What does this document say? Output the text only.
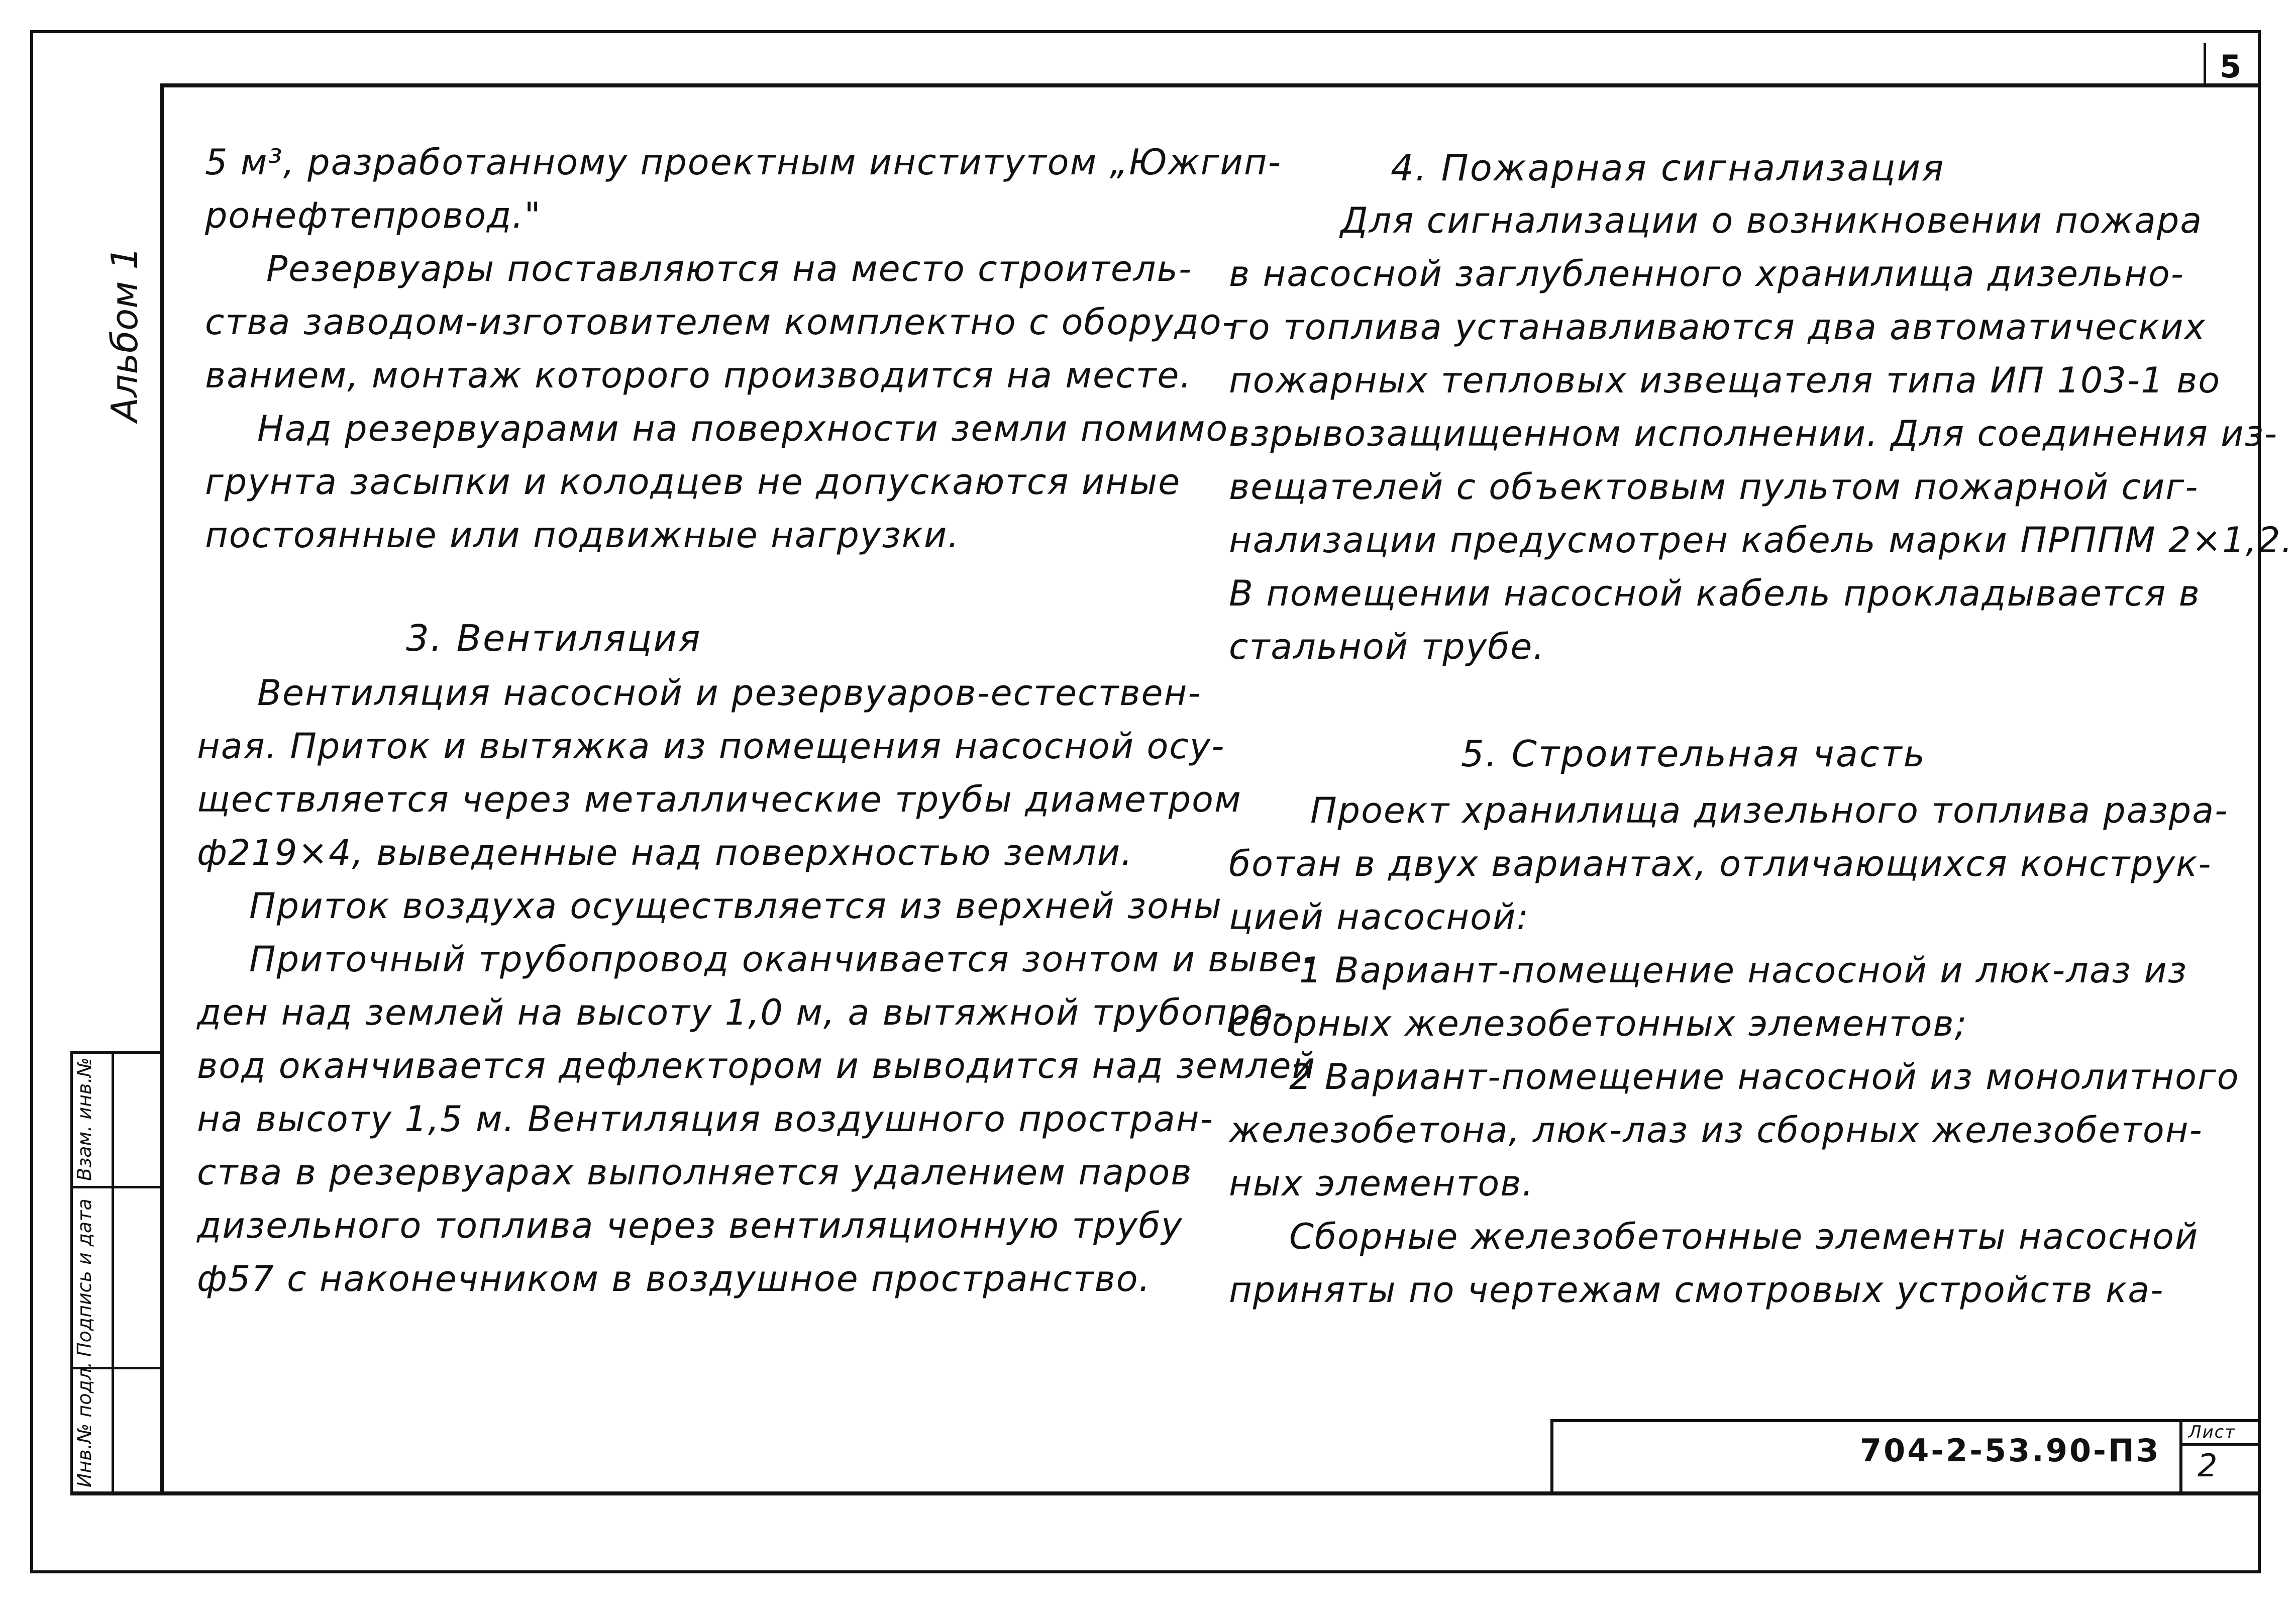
5
Альбом 1
Инв.№ подл.
Подпись и дата
Взам. инв.№
5 м³, разработанному проектным институтом „Южгип-
ронефтепровод."
Резервуары поставляются на место строитель-
ства заводом-изготовителем комплектно с оборудо-
ванием, монтаж которого производится на месте.
Над резервуарами на поверхности земли помимо
грунта засыпки и колодцев не допускаются иные
постоянные или подвижные нагрузки.
3. Вентиляция
Вентиляция насосной и резервуаров-естествен-
ная. Приток и вытяжка из помещения насосной осу-
ществляется через металлические трубы диаметром
ф219×4, выведенные над поверхностью земли.
Приток воздуха осуществляется из верхней зоны
Приточный трубопровод оканчивается зонтом и выве-
ден над землей на высоту 1,0 м, а вытяжной трубопро-
вод оканчивается дефлектором и выводится над землей
на высоту 1,5 м. Вентиляция воздушного простран-
ства в резервуарах выполняется удалением паров
дизельного топлива через вентиляционную трубу
ф57 с наконечником в воздушное пространство.
4. Пожарная сигнализация
Для сигнализации о возникновении пожара
в насосной заглубленного хранилища дизельно-
го топлива устанавливаются два автоматических
пожарных тепловых извещателя типа ИП 103-1 во
взрывозащищенном исполнении. Для соединения из-
вещателей с объектовым пультом пожарной сиг-
нализации предусмотрен кабель марки ПРППМ 2×1,2.
В помещении насосной кабель прокладывается в
стальной трубе.
5. Строительная часть
Проект хранилища дизельного топлива разра-
ботан в двух вариантах, отличающихся конструк-
цией насосной:
1 Вариант-помещение насосной и люк-лаз из
сборных железобетонных элементов;
2 Вариант-помещение насосной из монолитного
железобетона, люк-лаз из сборных железобетон-
ных элементов.
Сборные железобетонные элементы насосной
приняты по чертежам смотровых устройств ка-
704-2-53.90-ПЗ Лист
2
